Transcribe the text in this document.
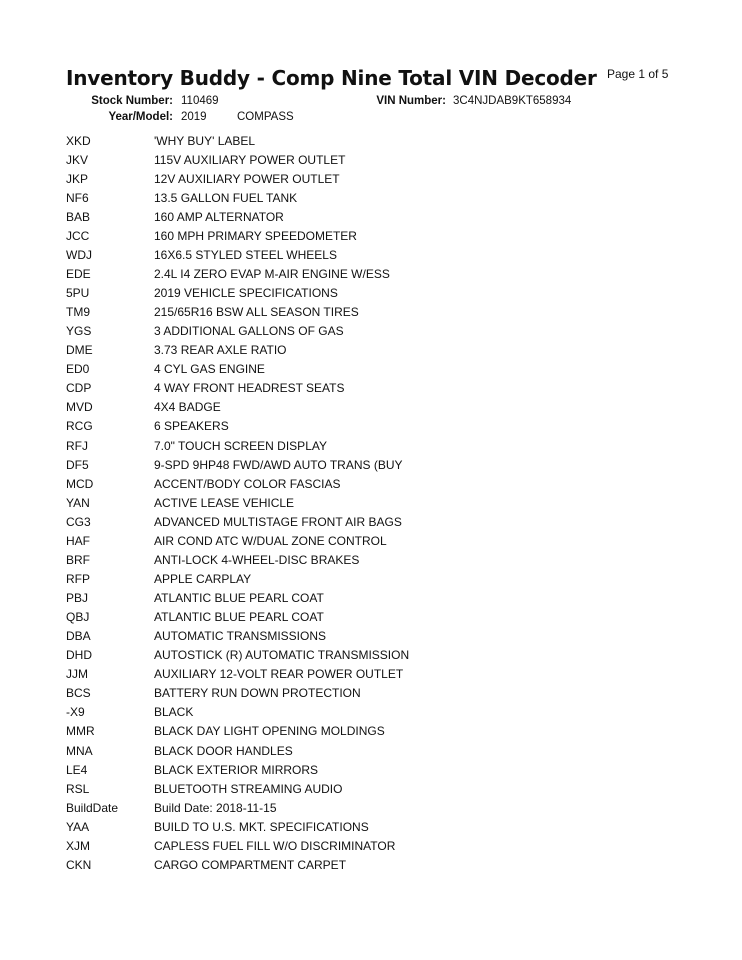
Inventory Buddy - Comp Nine Total VIN Decoder Page 1 of 5
Stock Number: 110469	VIN Number: 3C4NJDAB9KT658934
Year/Model: 2019	COMPASS
XKD	'WHY BUY' LABEL
JKV	115V AUXILIARY POWER OUTLET
JKP	12V AUXILIARY POWER OUTLET
NF6	13.5 GALLON FUEL TANK
BAB	160 AMP ALTERNATOR
JCC	160 MPH PRIMARY SPEEDOMETER
WDJ	16X6.5 STYLED STEEL WHEELS
EDE	2.4L I4 ZERO EVAP M-AIR ENGINE W/ESS
5PU	2019 VEHICLE SPECIFICATIONS
TM9	215/65R16 BSW ALL SEASON TIRES
YGS	3 ADDITIONAL GALLONS OF GAS
DME	3.73 REAR AXLE RATIO
ED0	4 CYL GAS ENGINE
CDP	4 WAY FRONT HEADREST SEATS
MVD	4X4 BADGE
RCG	6 SPEAKERS
RFJ	7.0" TOUCH SCREEN DISPLAY
DF5	9-SPD 9HP48 FWD/AWD AUTO TRANS (BUY
MCD	ACCENT/BODY COLOR FASCIAS
YAN	ACTIVE LEASE VEHICLE
CG3	ADVANCED MULTISTAGE FRONT AIR BAGS
HAF	AIR COND ATC W/DUAL ZONE CONTROL
BRF	ANTI-LOCK 4-WHEEL-DISC BRAKES
RFP	APPLE CARPLAY
PBJ	ATLANTIC BLUE PEARL COAT
QBJ	ATLANTIC BLUE PEARL COAT
DBA	AUTOMATIC TRANSMISSIONS
DHD	AUTOSTICK (R) AUTOMATIC TRANSMISSION
JJM	AUXILIARY 12-VOLT REAR POWER OUTLET
BCS	BATTERY RUN DOWN PROTECTION
-X9	BLACK
MMR	BLACK DAY LIGHT OPENING MOLDINGS
MNA	BLACK DOOR HANDLES
LE4	BLACK EXTERIOR MIRRORS
RSL	BLUETOOTH STREAMING AUDIO
BuildDate	Build Date: 2018-11-15
YAA	BUILD TO U.S. MKT. SPECIFICATIONS
XJM	CAPLESS FUEL FILL W/O DISCRIMINATOR
CKN	CARGO COMPARTMENT CARPET
